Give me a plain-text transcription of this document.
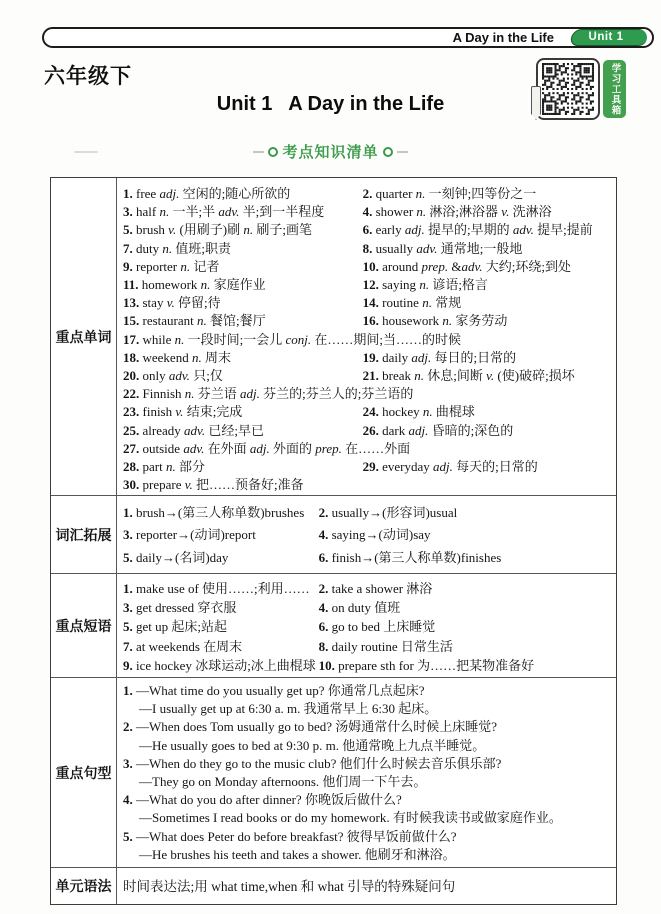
A Day in the Life	Unit 1
六年级下
Unit 1   A Day in the Life	学习工具箱
考点知识清单
重点单词
1. free adj. 空闲的;随心所欲的	2. quarter n. 一刻钟;四等份之一
3. half n. 一半;半 adv. 半;到一半程度	4. shower n. 淋浴;淋浴器 v. 洗淋浴
5. brush v. (用刷子)刷 n. 刷子;画笔	6. early adj. 提早的;早期的 adv. 提早;提前
7. duty n. 值班;职责	8. usually adv. 通常地;一般地
9. reporter n. 记者	10. around prep. &adv. 大约;环绕;到处
11. homework n. 家庭作业	12. saying n. 谚语;格言
13. stay v. 停留;待	14. routine n. 常规
15. restaurant n. 餐馆;餐厅	16. housework n. 家务劳动
17. while n. 一段时间;一会儿 conj. 在……期间;当……的时候
18. weekend n. 周末	19. daily adj. 每日的;日常的
20. only adv. 只;仅	21. break n. 休息;间断 v. (使)破碎;损坏
22. Finnish n. 芬兰语 adj. 芬兰的;芬兰人的;芬兰语的
23. finish v. 结束;完成	24. hockey n. 曲棍球
25. already adv. 已经;早已	26. dark adj. 昏暗的;深色的
27. outside adv. 在外面 adj. 外面的 prep. 在……外面
28. part n. 部分	29. everyday adj. 每天的;日常的
30. prepare v. 把……预备好;准备
词汇拓展
1. brush→(第三人称单数)brushes	2. usually→(形容词)usual
3. reporter→(动词)report	4. saying→(动词)say
5. daily→(名词)day	6. finish→(第三人称单数)finishes
重点短语
1. make use of 使用……;利用…… 2. take a shower 淋浴
3. get dressed 穿衣服	4. on duty 值班
5. get up 起床;站起	6. go to bed 上床睡觉
7. at weekends 在周末	8. daily routine 日常生活
9. ice hockey 冰球运动;冰上曲棍球 10. prepare sth for 为……把某物准备好
重点句型
1. —What time do you usually get up? 你通常几点起床?
—I usually get up at 6:30 a. m. 我通常早上 6:30 起床。
2. —When does Tom usually go to bed? 汤姆通常什么时候上床睡觉?
—He usually goes to bed at 9:30 p. m. 他通常晚上九点半睡觉。
3. —When do they go to the music club? 他们什么时候去音乐俱乐部?
—They go on Monday afternoons. 他们周一下午去。
4. —What do you do after dinner? 你晚饭后做什么?
—Sometimes I read books or do my homework. 有时候我读书或做家庭作业。
5. —What does Peter do before breakfast? 彼得早饭前做什么?
—He brushes his teeth and takes a shower. 他刷牙和淋浴。
单元语法 时间表达法;用 what time,when 和 what 引导的特殊疑问句
